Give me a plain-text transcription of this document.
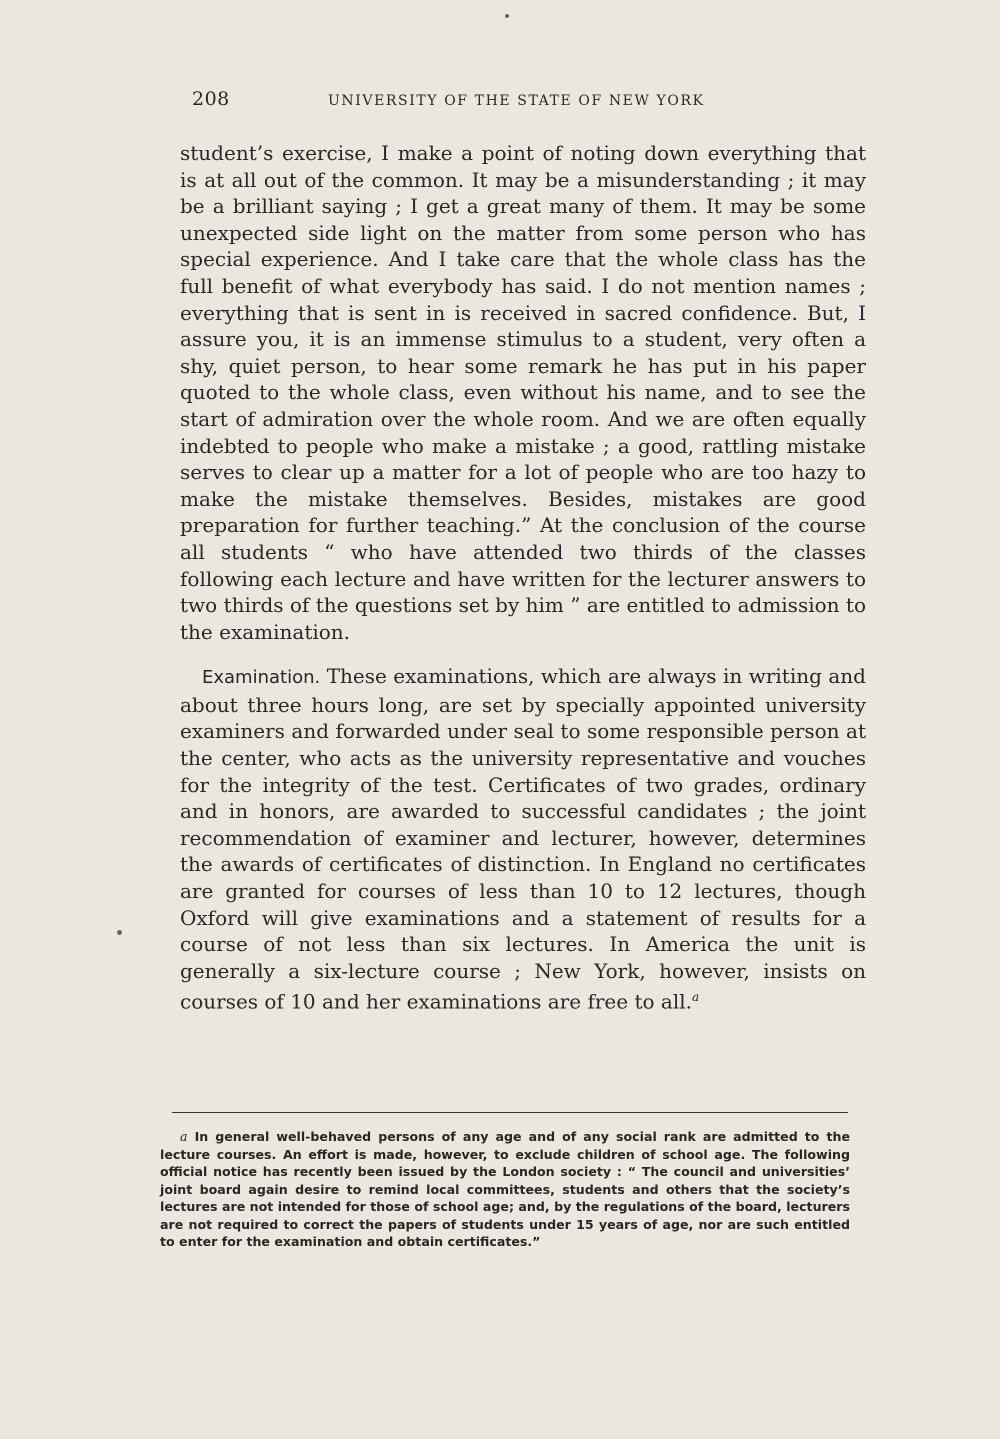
208	UNIVERSITY OF THE STATE OF NEW YORK

student’s exercise, I make a point of noting down everything that is at all out of the common. It may be a misunderstanding ; it may be a brilliant saying ; I get a great many of them. It may be some unexpected side light on the matter from some person who has special experience. And I take care that the whole class has the full benefit of what everybody has said. I do not mention names ; everything that is sent in is received in sacred confidence. But, I assure you, it is an immense stimulus to a student, very often a shy, quiet person, to hear some remark he has put in his paper quoted to the whole class, even without his name, and to see the start of admiration over the whole room. And we are often equally indebted to people who make a mistake ; a good, rattling mistake serves to clear up a matter for a lot of people who are too hazy to make the mistake themselves. Besides, mistakes are good preparation for further teaching.” At the conclusion of the course all students “ who have attended two thirds of the classes following each lecture and have written for the lecturer answers to two thirds of the questions set by him ” are entitled to admission to the examination.

Examination. These examinations, which are always in writing and about three hours long, are set by specially appointed university examiners and forwarded under seal to some responsible person at the center, who acts as the university representative and vouches for the integrity of the test. Certificates of two grades, ordinary and in honors, are awarded to successful candidates ; the joint recommendation of examiner and lecturer, however, determines the awards of certificates of distinction. In England no certificates are granted for courses of less than 10 to 12 lectures, though Oxford will give examinations and a statement of results for a course of not less than six lectures. In America the unit is generally a six-lecture course ; New York, however, insists on courses of 10 and her examinations are free to all.$^a$

a In general well-behaved persons of any age and of any social rank are admitted to the lecture courses. An effort is made, however, to exclude children of school age. The following official notice has recently been issued by the London society : “ The council and universities’ joint board again desire to remind local committees, students and others that the society’s lectures are not intended for those of school age; and, by the regulations of the board, lecturers are not required to correct the papers of students under 15 years of age, nor are such entitled to enter for the examination and obtain certificates.”
